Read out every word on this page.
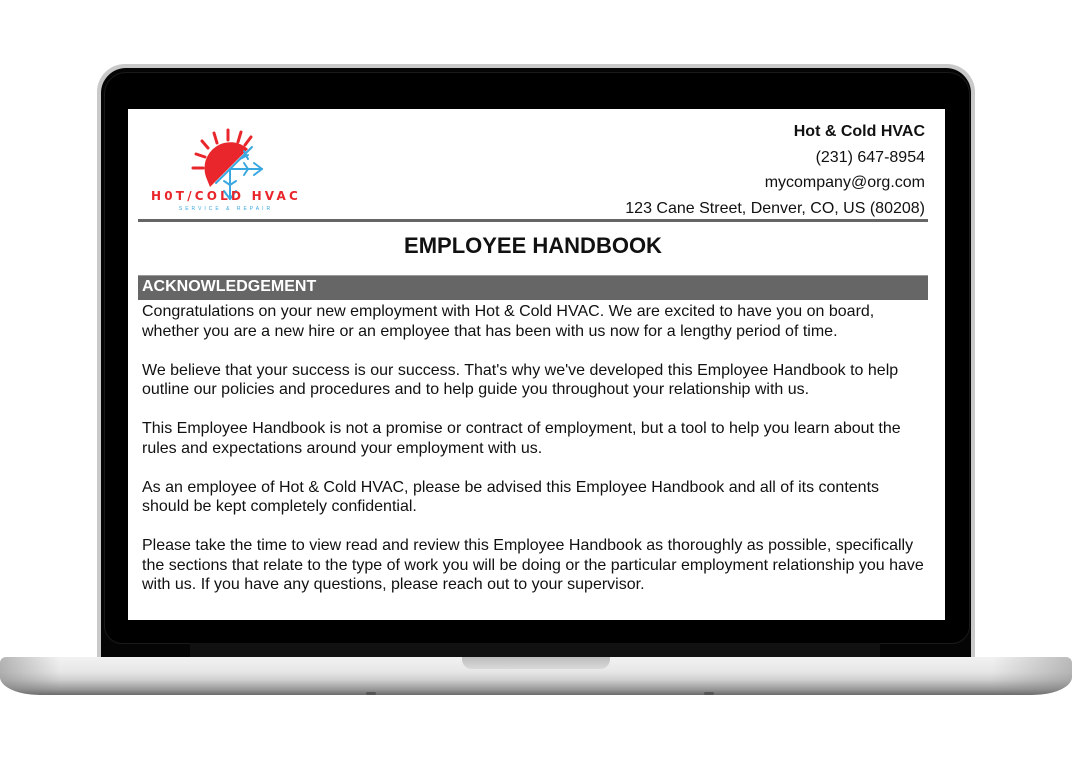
H0T/COLD HVAC
SERVICE & REPAIR
Hot & Cold HVAC
(231) 647-8954
mycompany@org.com
123 Cane Street, Denver, CO, US (80208)
EMPLOYEE HANDBOOK
ACKNOWLEDGEMENT

Congratulations on your new employment with Hot & Cold HVAC. We are excited to have you on board, whether you are a new hire or an employee that has been with us now for a lengthy period of time.

We believe that your success is our success. That's why we've developed this Employee Handbook to help outline our policies and procedures and to help guide you throughout your relationship with us.

This Employee Handbook is not a promise or contract of employment, but a tool to help you learn about the rules and expectations around your employment with us.

As an employee of Hot & Cold HVAC, please be advised this Employee Handbook and all of its contents should be kept completely confidential.

Please take the time to view read and review this Employee Handbook as thoroughly as possible, specifically the sections that relate to the type of work you will be doing or the particular employment relationship you have with us. If you have any questions, please reach out to your supervisor.
